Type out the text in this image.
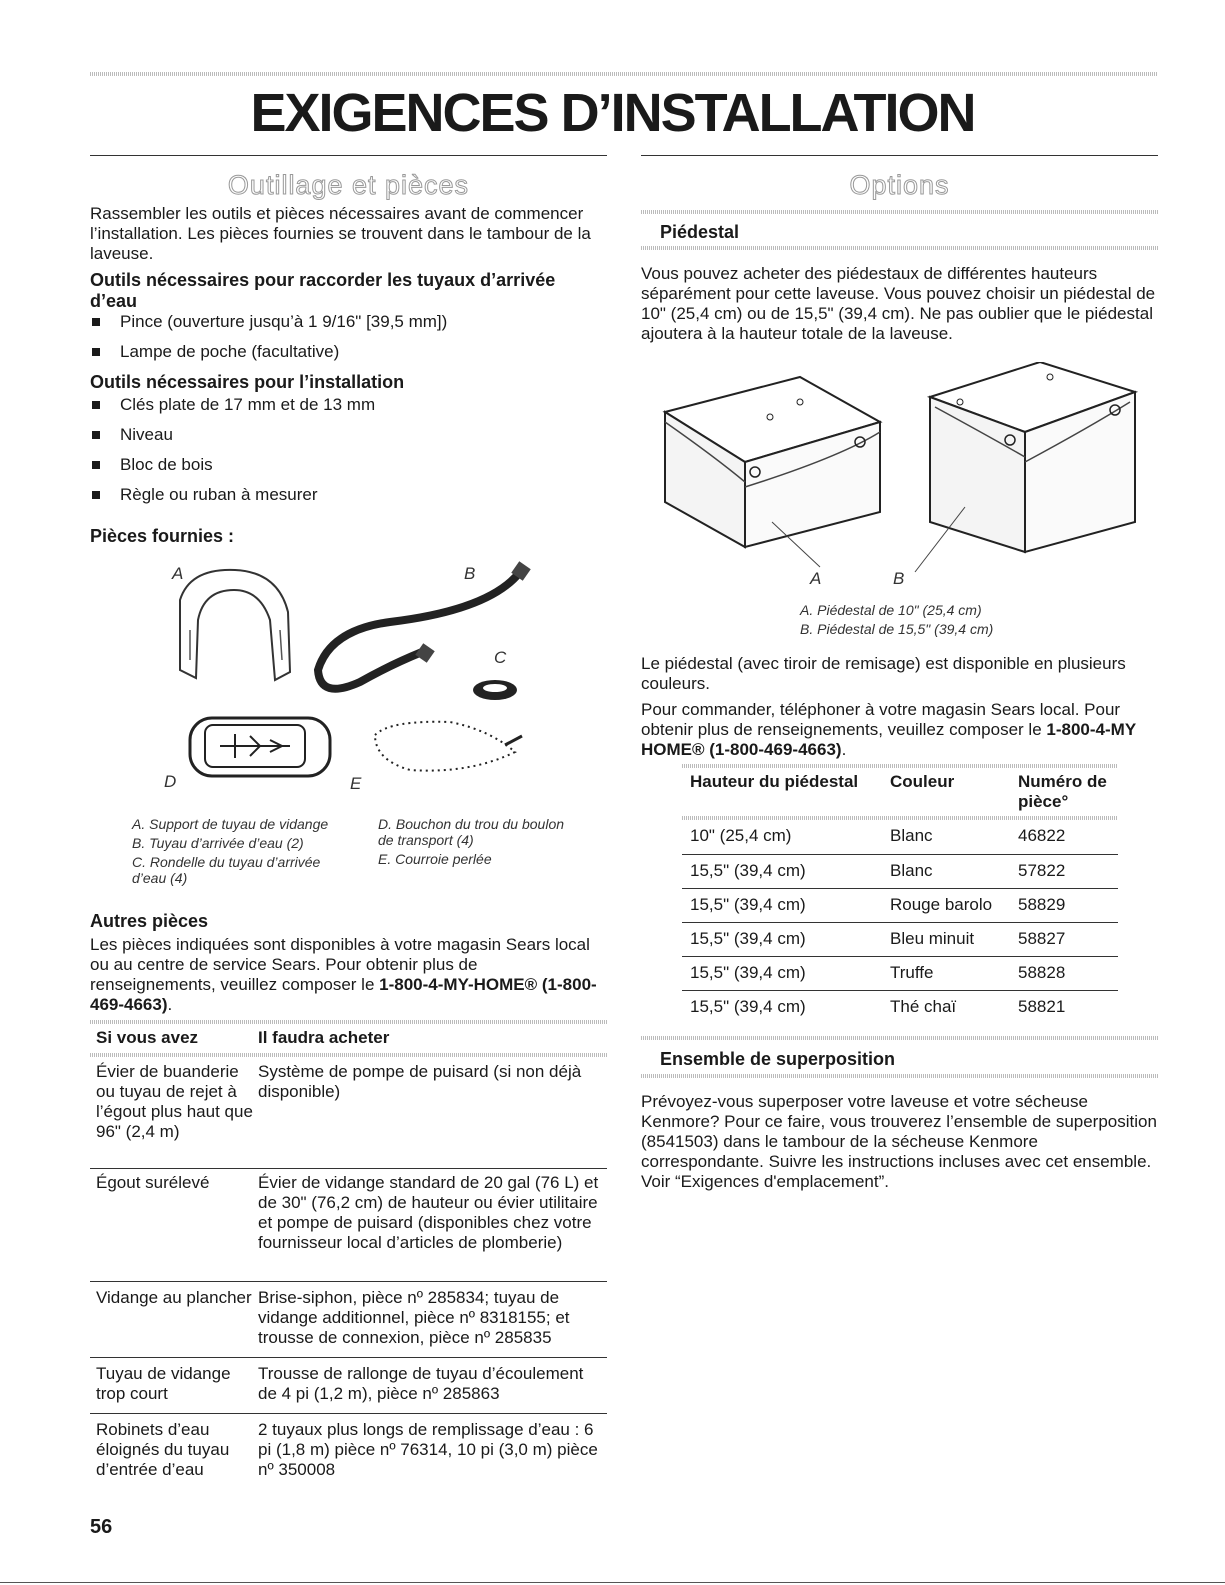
EXIGENCES D’INSTALLATION
Outillage et pièces

Rassembler les outils et pièces nécessaires avant de commencer l’installation. Les pièces fournies se trouvent dans le tambour de la laveuse.

Outils nécessaires pour raccorder les tuyaux d’arrivée d’eau
Pince (ouverture jusqu’à 1 9/16" [39,5 mm])
Lampe de poche (facultative)
Outils nécessaires pour l’installation
Clés plate de 17 mm et de 13 mm
Niveau
Bloc de bois
Règle ou ruban à mesurer
Pièces fournies :
A	B
C
D	E

A. Support de tuyau de vidange

B. Tuyau d’arrivée d’eau (2)

C. Rondelle du tuyau d’arrivée d’eau (4)

D. Bouchon du trou du boulon de transport (4)

E. Courroie perlée

Autres pièces

Les pièces indiquées sont disponibles à votre magasin Sears local ou au centre de service Sears. Pour obtenir plus de renseignements, veuillez composer le 1-800-4-MY-HOME® (1-800-469-4663).

Si vous avez	Il faudra acheter
Évier de buanderie ou tuyau de rejet à l’égout plus haut que 96" (2,4 m)	Système de pompe de puisard (si non déjà disponible)
Égout surélevé	Évier de vidange standard de 20 gal (76 L) et de 30" (76,2 cm) de hauteur ou évier utilitaire et pompe de puisard (disponibles chez votre fournisseur local d’articles de plomberie)
Vidange au plancher	Brise-siphon, pièce nº 285834; tuyau de vidange additionnel, pièce nº 8318155; et trousse de connexion, pièce nº 285835
Tuyau de vidange trop court	Trousse de rallonge de tuyau d’écoulement de 4 pi (1,2 m), pièce nº 285863
Robinets d’eau éloignés du tuyau d’entrée d’eau	2 tuyaux plus longs de remplissage d’eau : 6 pi (1,8 m) pièce nº 76314, 10 pi (3,0 m) pièce nº 350008
Options
Piédestal

Vous pouvez acheter des piédestaux de différentes hauteurs séparément pour cette laveuse. Vous pouvez choisir un piédestal de 10" (25,4 cm) ou de 15,5" (39,4 cm). Ne pas oublier que le piédestal ajoutera à la hauteur totale de la laveuse.

A	B

A. Piédestal de 10" (25,4 cm)

B. Piédestal de 15,5" (39,4 cm)

Le piédestal (avec tiroir de remisage) est disponible en plusieurs couleurs.

Pour commander, téléphoner à votre magasin Sears local. Pour obtenir plus de renseignements, veuillez composer le 1-800-4-MY HOME® (1-800-469-4663).

Hauteur du piédestal	Couleur	Numéro de pièce°
10" (25,4 cm)	Blanc	46822
15,5" (39,4 cm)	Blanc	57822
15,5" (39,4 cm)	Rouge barolo	58829
15,5" (39,4 cm)	Bleu minuit	58827
15,5" (39,4 cm)	Truffe	58828
15,5" (39,4 cm)	Thé chaï	58821
Ensemble de superposition

Prévoyez-vous superposer votre laveuse et votre sécheuse Kenmore? Pour ce faire, vous trouverez l’ensemble de superposition (8541503) dans le tambour de la sécheuse Kenmore correspondante. Suivre les instructions incluses avec cet ensemble. Voir “Exigences d'emplacement”.

56
